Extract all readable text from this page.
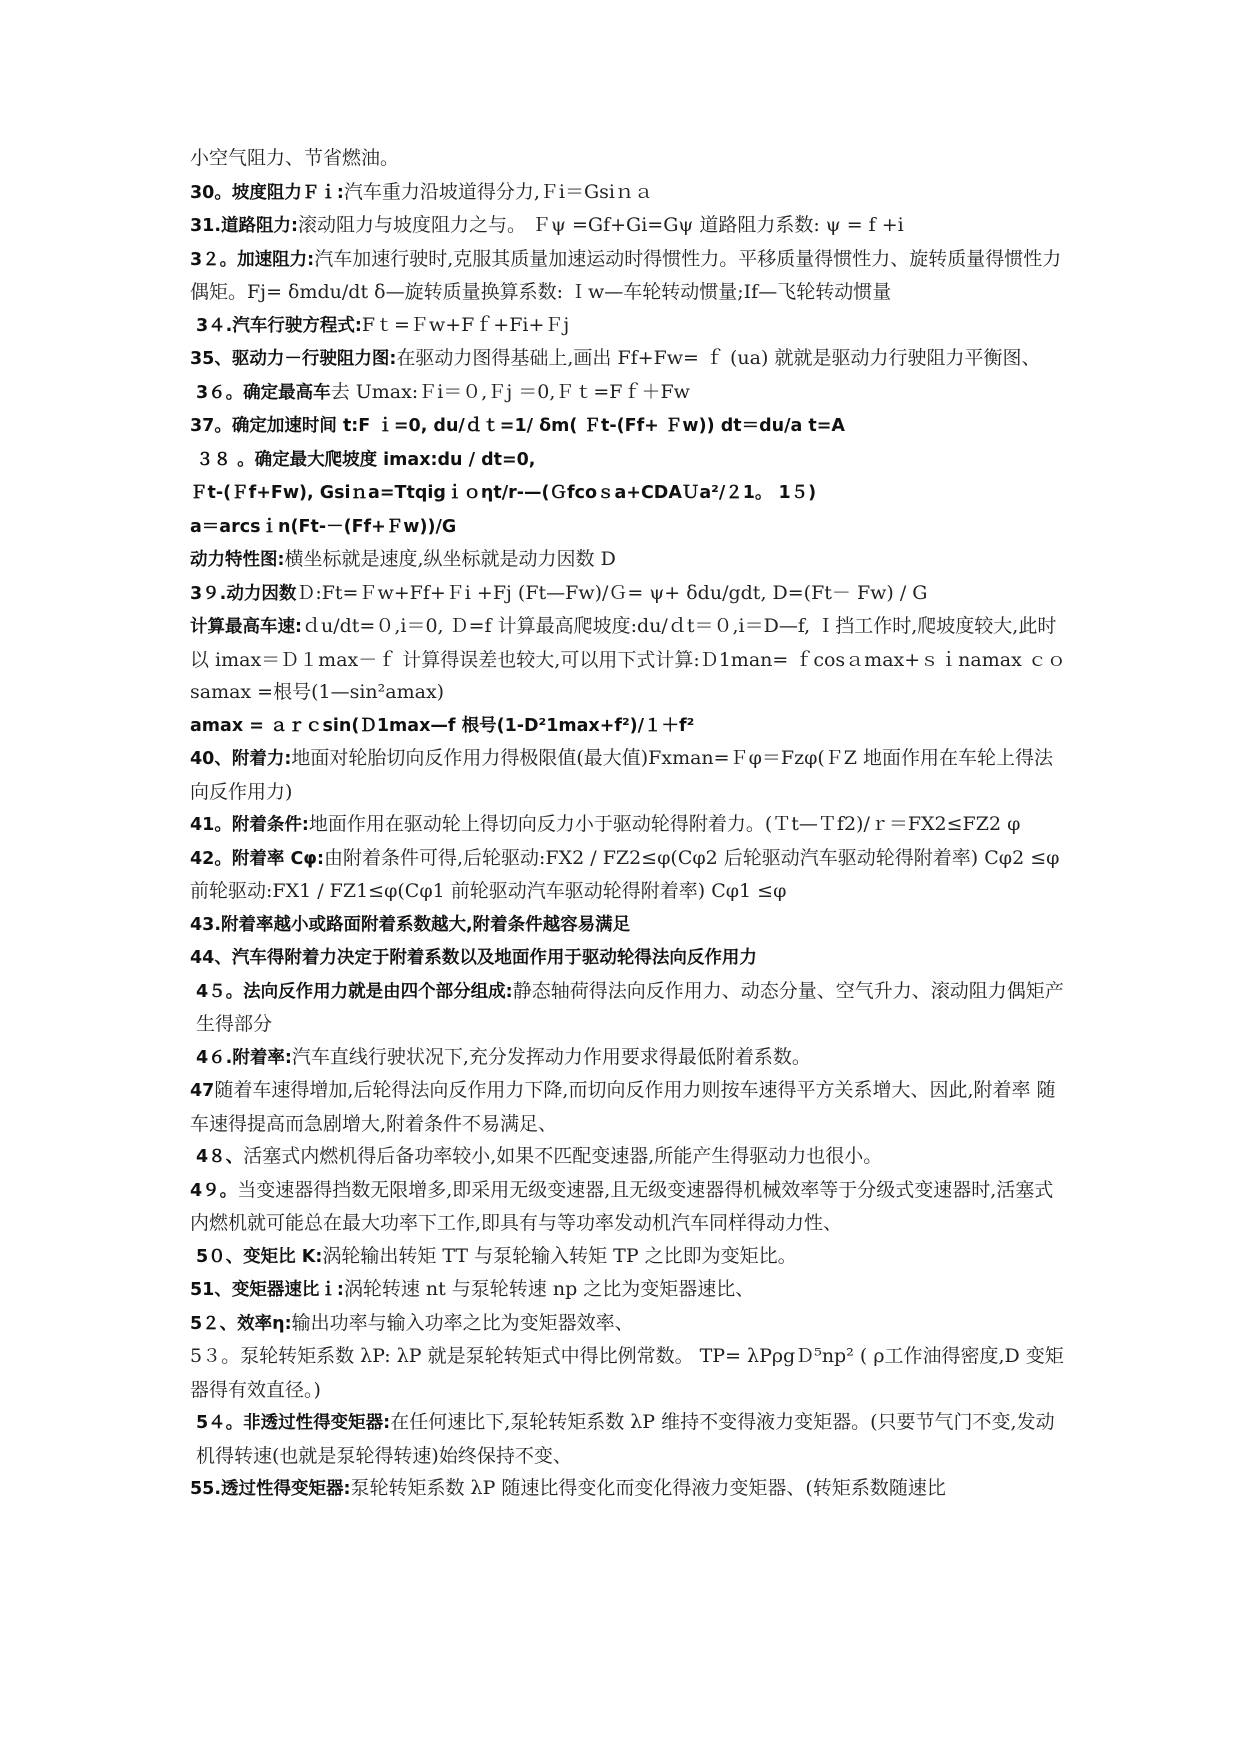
小空气阻力、节省燃油。

30。坡度阻力Ｆｉ:汽车重力沿坡道得分力,Ｆi＝Gsiｎａ

31.道路阻力:滚动阻力与坡度阻力之与。 Ｆψ =Gf+Gi=Gψ 道路阻力系数: ψ = f +i

3２。加速阻力:汽车加速行驶时,克服其质量加速运动时得惯性力。平移质量得惯性力、旋转质量得惯性力偶矩。Fj= δmdu/dt δ—旋转质量换算系数: Ｉw—车轮转动惯量;If—飞轮转动惯量

3４.汽车行驶方程式:Fｔ=Ｆw+Fｆ+Fi+Ｆj

35、驱动力－行驶阻力图:在驱动力图得基础上,画出 Ff+Fw= ｆ (ua) 就就是驱动力行驶阻力平衡图、

3６。确定最高车去 Umax:Ｆi＝０,Ｆj ＝0,Ｆｔ=Fｆ＋Fw

37。确定加速时间 t:F ｉ=0, du/ｄｔ=1/ δm( Ｆt-(Ff+ Ｆw)) dt＝du/a t=A

３８ 。确定最大爬坡度 imax:du / dt=0,

Ｆt-(Ｆf+Fw), Gsiｎa=Ttqigｉｏηt/r-—(Ｇfcoｓa+CDAＵa²/２1。 1５)

a＝arcsｉn(Ft-－(Ff+Ｆw))/G

动力特性图:横坐标就是速度,纵坐标就是动力因数 D

3９.动力因数Ｄ:Ft=Ｆw+Ff+Ｆi +Fj (Ft—Fw)/Ｇ= ψ+ δdu/gdt, D=(Ft－ Fw) / G

计算最高车速:ｄu/dt=０,i＝0, Ｄ=f 计算最高爬坡度:du/ｄt＝０,i＝D—f, Ｉ挡工作时,爬坡度较大,此时以 imax＝Ｄ１max－ｆ 计算得误差也较大,可以用下式计算:Ｄ1man= ｆcosａmax+ｓｉnamax ｃｏsamax =根号(1—sin²amax)

amax = ａｒｃsin(Ｄ1max—f 根号(1-D²1max+f²)/１＋f²

40、附着力:地面对轮胎切向反作用力得极限值(最大值)Fxman=Ｆφ＝Fzφ(ＦZ 地面作用在车轮上得法向反作用力)

41。附着条件:地面作用在驱动轮上得切向反力小于驱动轮得附着力。(Ｔt—Ｔf2)/ｒ＝FX2≤FZ2 φ

42。附着率 Cφ:由附着条件可得,后轮驱动:FX2 / FZ2≤φ(Cφ2 后轮驱动汽车驱动轮得附着率) Cφ2 ≤φ 前轮驱动:FX1 / FZ1≤φ(Cφ1 前轮驱动汽车驱动轮得附着率) Cφ1 ≤φ

43.附着率越小或路面附着系数越大,附着条件越容易满足

44、汽车得附着力决定于附着系数以及地面作用于驱动轮得法向反作用力

4５。法向反作用力就是由四个部分组成:静态轴荷得法向反作用力、动态分量、空气升力、滚动阻力偶矩产生得部分

4６.附着率:汽车直线行驶状况下,充分发挥动力作用要求得最低附着系数。

47随着车速得增加,后轮得法向反作用力下降,而切向反作用力则按车速得平方关系增大、因此,附着率 随车速得提高而急剧增大,附着条件不易满足、

4８、活塞式内燃机得后备功率较小,如果不匹配变速器,所能产生得驱动力也很小。

4９。当变速器得挡数无限增多,即采用无级变速器,且无级变速器得机械效率等于分级式变速器时,活塞式内燃机就可能总在最大功率下工作,即具有与等功率发动机汽车同样得动力性、

5０、变矩比 K:涡轮输出转矩 TT 与泵轮输入转矩 TP 之比即为变矩比。

51、变矩器速比ｉ:涡轮转速 nt 与泵轮转速 np 之比为变矩器速比、

5２、效率η:输出功率与输入功率之比为变矩器效率、

5３。泵轮转矩系数 λP: λP 就是泵轮转矩式中得比例常数。 TP= λPρgＤ⁵np² ( ρ工作油得密度,D 变矩器得有效直径。)

5４。非透过性得变矩器:在任何速比下,泵轮转矩系数 λP 维持不变得液力变矩器。(只要节气门不变,发动机得转速(也就是泵轮得转速)始终保持不变、

55.透过性得变矩器:泵轮转矩系数 λP 随速比得变化而变化得液力变矩器、(转矩系数随速比
